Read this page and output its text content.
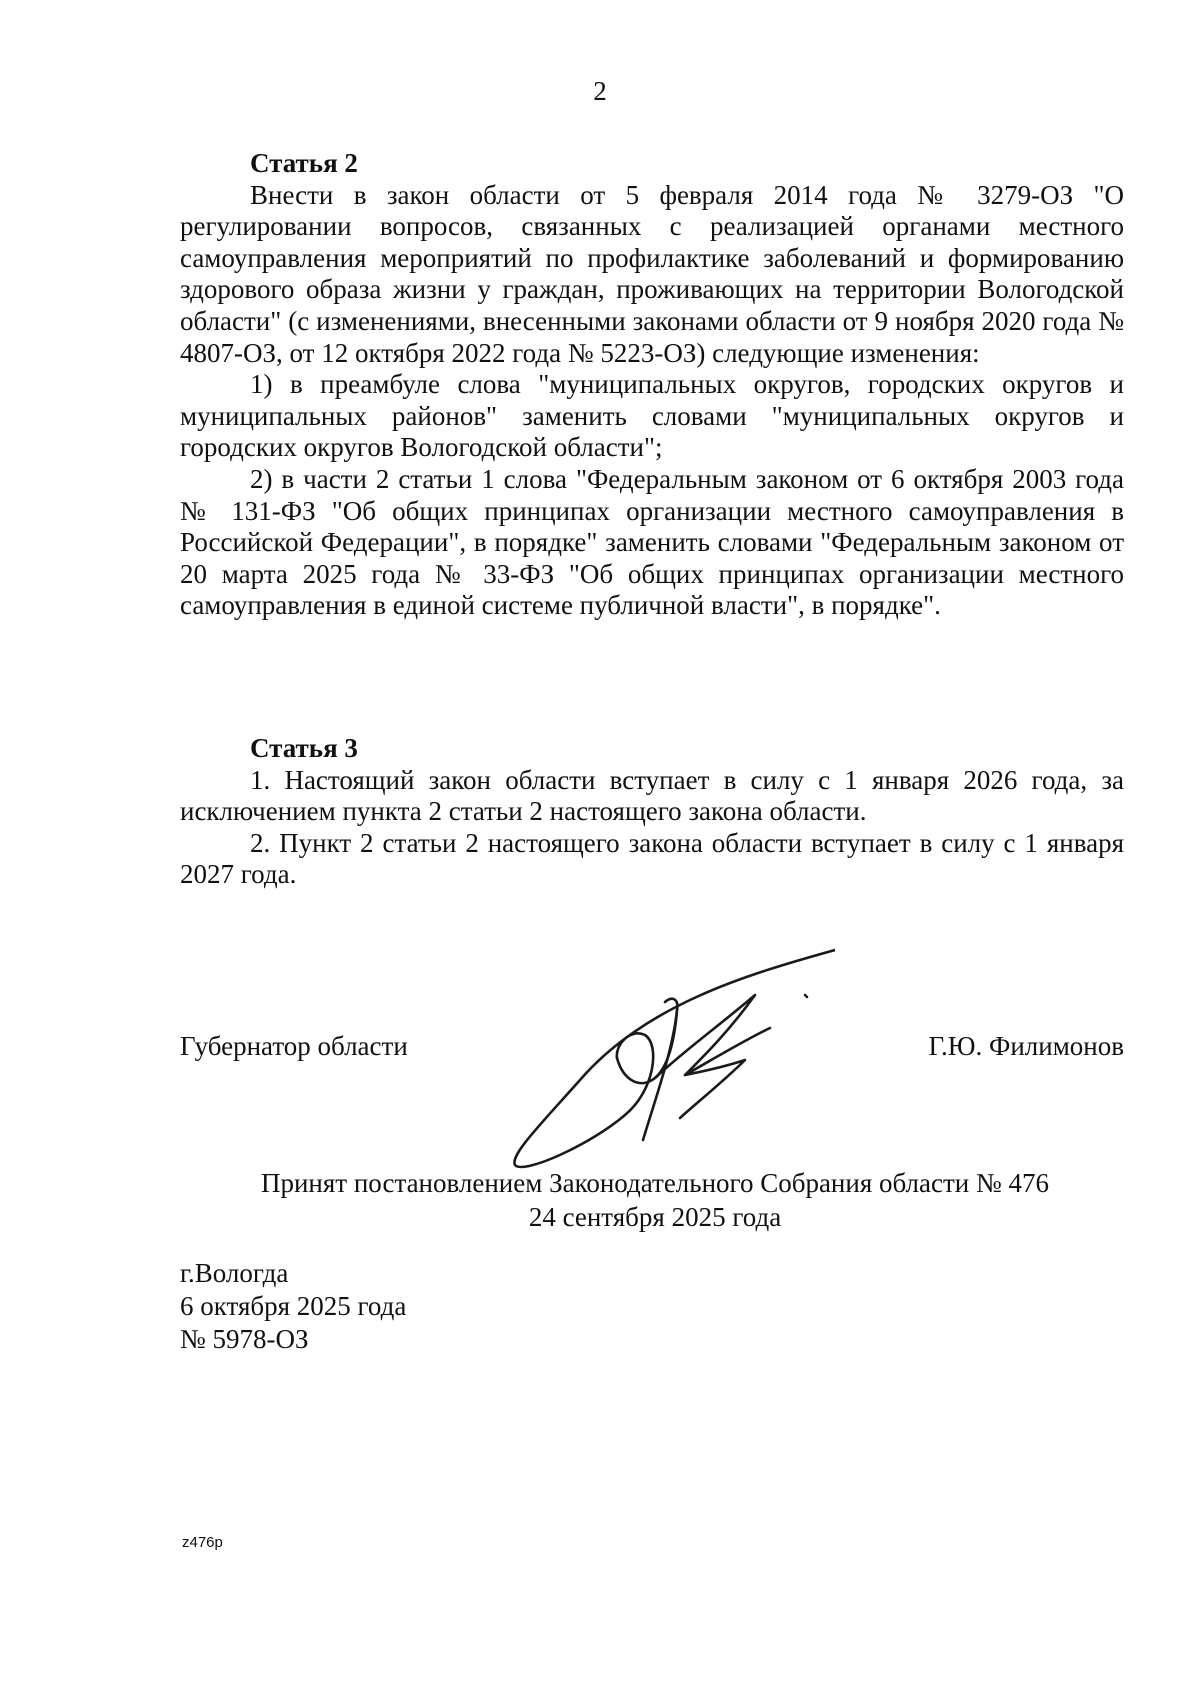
2
Статья 2

Внести в закон области от 5 февраля 2014 года № 3279-ОЗ "О регулировании вопросов, связанных с реализацией органами местного самоуправления мероприятий по профилактике заболеваний и формированию здорового образа жизни у граждан, проживающих на территории Вологодской области" (с изменениями, внесенными законами области от 9 ноября 2020 года № 4807-ОЗ, от 12 октября 2022 года № 5223-ОЗ) следующие изменения:

1) в преамбуле слова "муниципальных округов, городских округов и муниципальных районов" заменить словами "муниципальных округов и городских округов Вологодской области";

2) в части 2 статьи 1 слова "Федеральным законом от 6 октября 2003 года № 131-ФЗ "Об общих принципах организации местного самоуправления в Российской Федерации", в порядке" заменить словами "Федеральным законом от 20 марта 2025 года № 33-ФЗ "Об общих принципах организации местного самоуправления в единой системе публичной власти", в порядке".

Статья 3

1. Настоящий закон области вступает в силу с 1 января 2026 года, за исключением пункта 2 статьи 2 настоящего закона области.

2. Пункт 2 статьи 2 настоящего закона области вступает в силу с 1 января 2027 года.

Губернатор области	Г.Ю. Филимонов
Принят постановлением Законодательного Собрания области № 476
24 сентября 2025 года
г.Вологда
6 октября 2025 года
№ 5978-ОЗ
z476p
